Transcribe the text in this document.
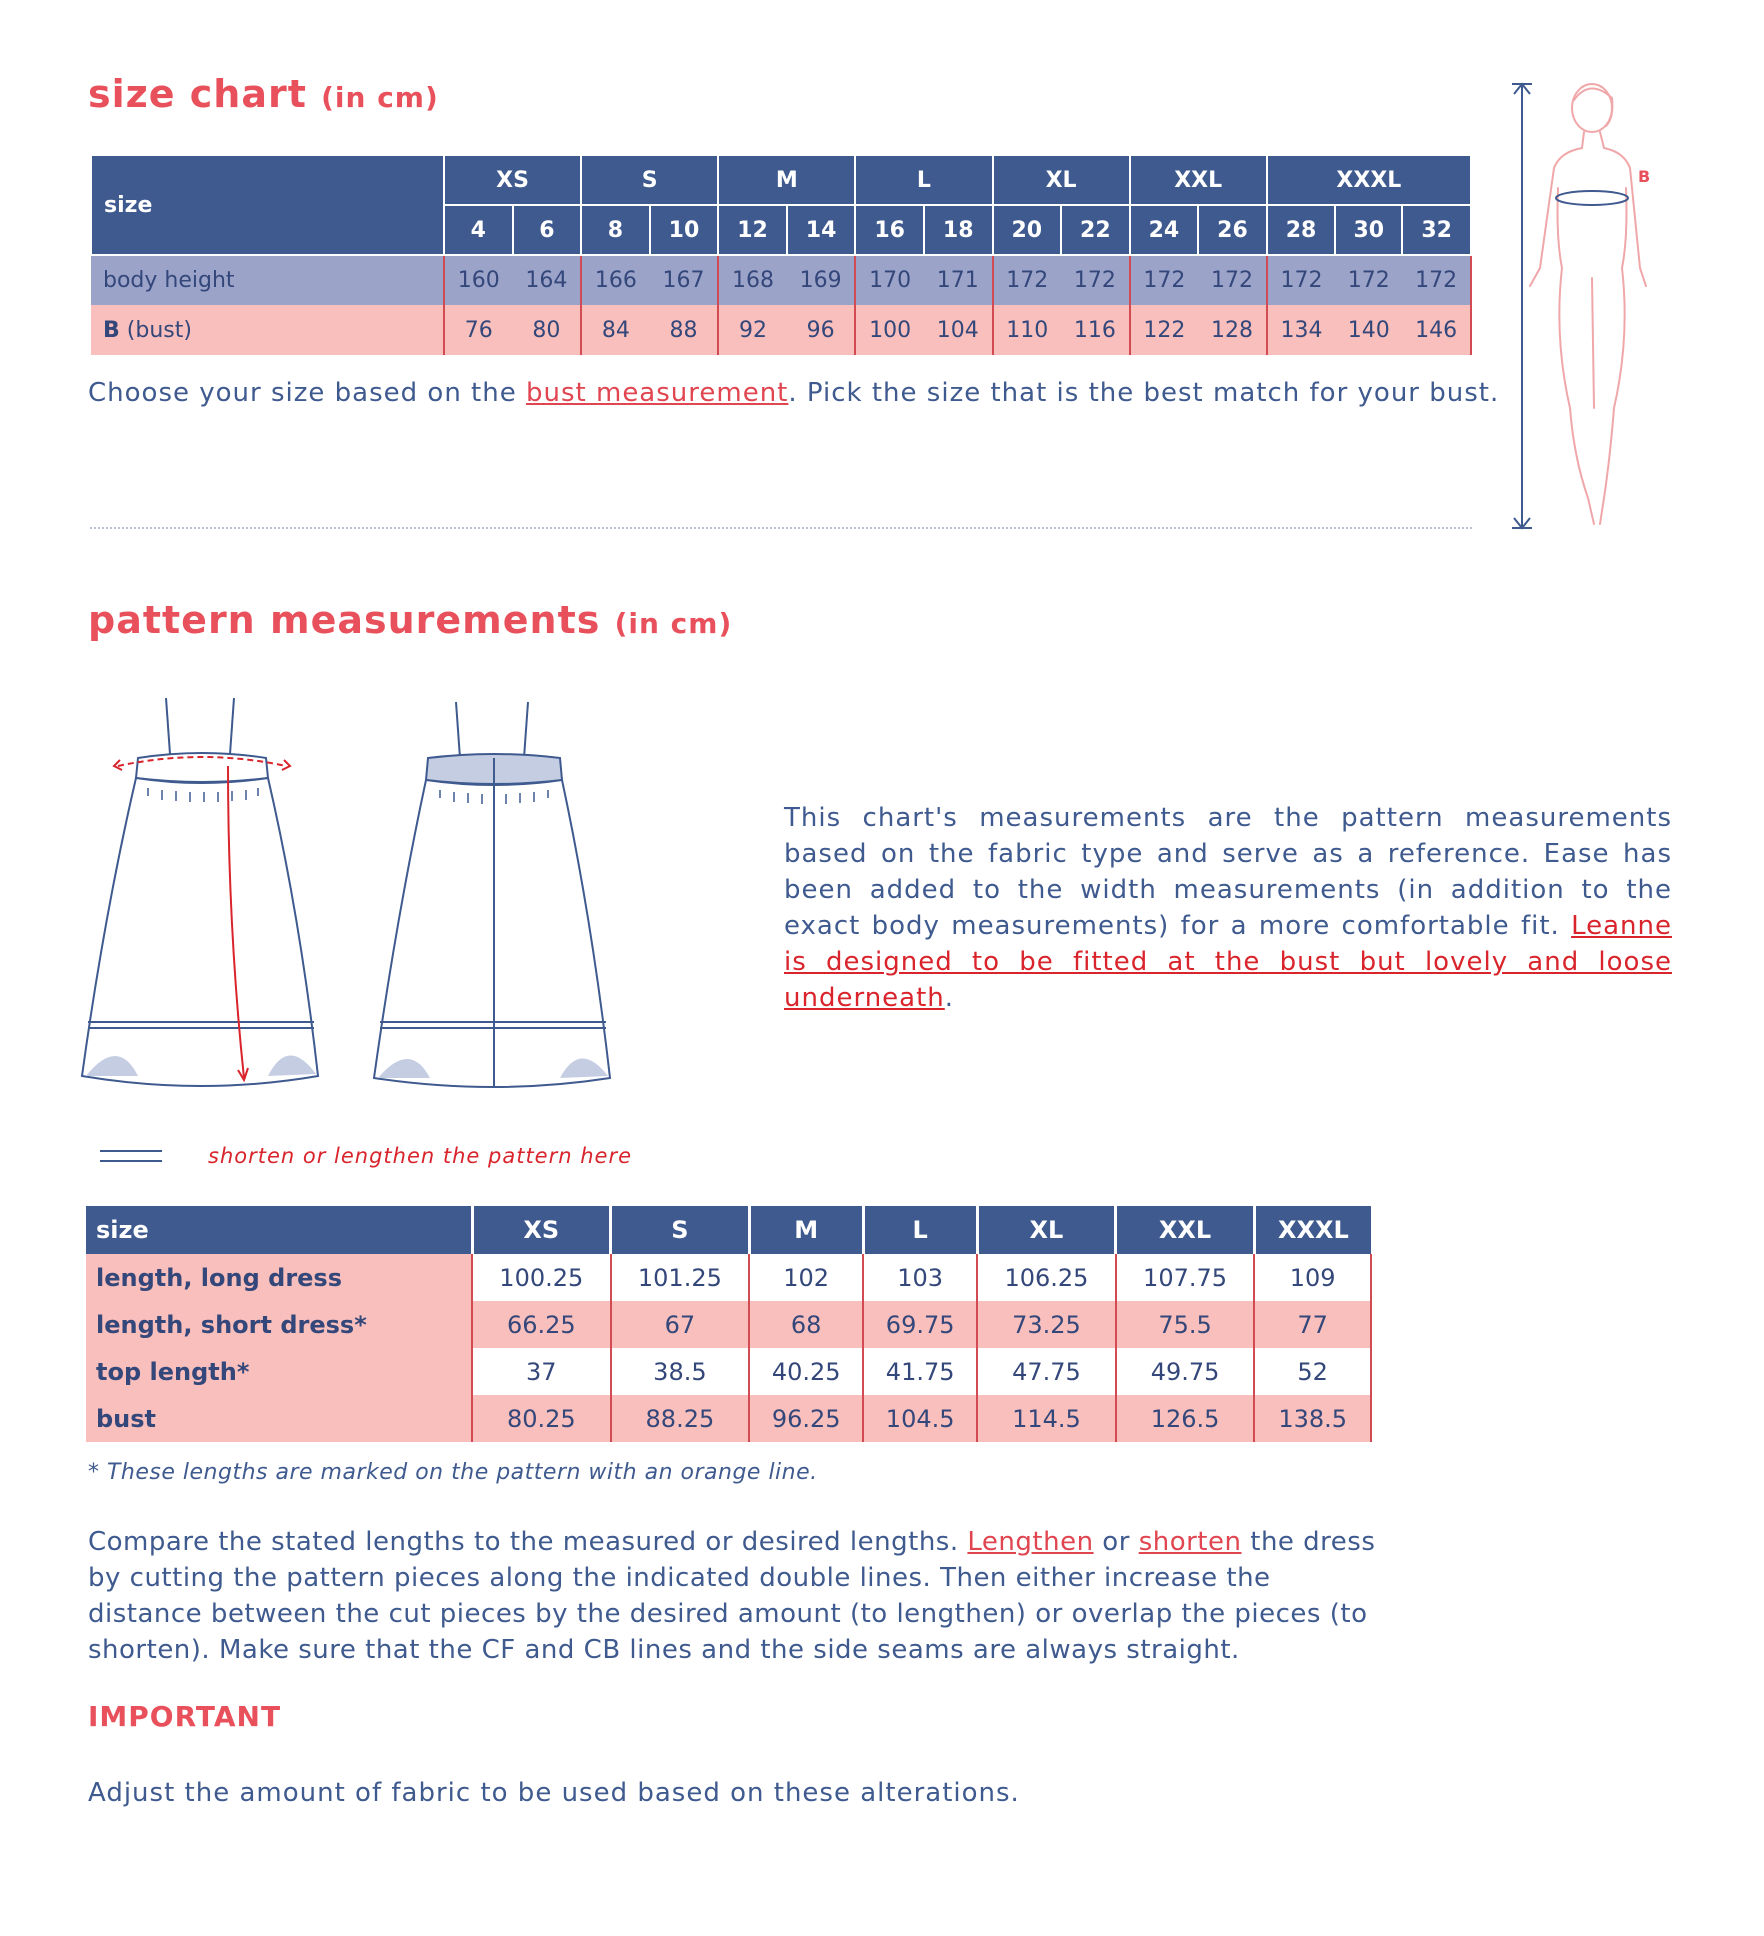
size chart (in cm)
size	XS		S		M		L		XL		XXL		XXXL		
	4	6	8	10	12	14	16	18	20	22	24	26	28	30	32
body height	160	164	166	167	168	169	170	171	172	172	172	172	172	172	172
B (bust)	76	80	84	88	92	96	100	104	110	116	122	128	134	140	146
Choose your size based on the bust measurement. Pick the size that is the best match for your bust.
B
pattern measurements (in cm)
This chart's measurements are the pattern measurements based on the fabric type and serve as a reference. Ease has been added to the width measurements (in addition to the exact body measurements) for a more comfortable fit. Leanne is designed to be fitted at the bust but lovely and loose underneath.
shorten or lengthen the pattern here
size	XS	S	M	L	XL	XXL	XXXL
length, long dress	100.25	101.25	102	103	106.25	107.75	109
length, short dress*	66.25	67	68	69.75	73.25	75.5	77
top length*	37	38.5	40.25	41.75	47.75	49.75	52
bust	80.25	88.25	96.25	104.5	114.5	126.5	138.5
* These lengths are marked on the pattern with an orange line.
Compare the stated lengths to the measured or desired lengths. Lengthen or shorten the dress by cutting the pattern pieces along the indicated double lines. Then either increase the distance between the cut pieces by the desired amount (to lengthen) or overlap the pieces (to shorten). Make sure that the CF and CB lines and the side seams are always straight.
IMPORTANT
Adjust the amount of fabric to be used based on these alterations.
